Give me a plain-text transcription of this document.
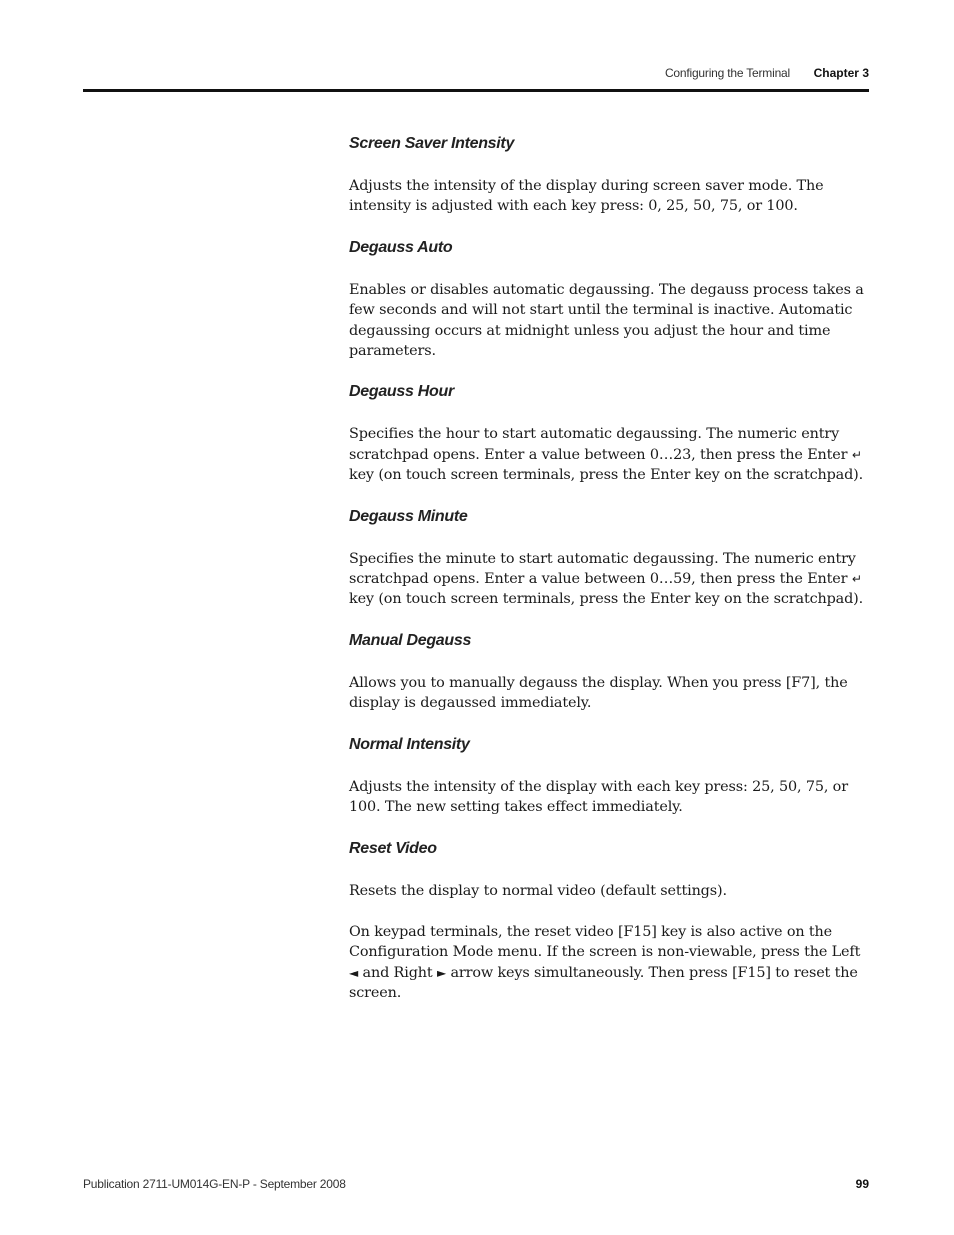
Configuring the Terminal Chapter 3
Screen Saver Intensity

Adjusts the intensity of the display during screen saver mode. The intensity is adjusted with each key press: 0, 25, 50, 75, or 100.

Degauss Auto

Enables or disables automatic degaussing. The degauss process takes a few seconds and will not start until the terminal is inactive. Automatic degaussing occurs at midnight unless you adjust the hour and time parameters.

Degauss Hour

Specifies the hour to start automatic degaussing. The numeric entry scratchpad opens. Enter a value between 0…23, then press the Enter ↵ key (on touch screen terminals, press the Enter key on the scratchpad).

Degauss Minute

Specifies the minute to start automatic degaussing. The numeric entry scratchpad opens. Enter a value between 0…59, then press the Enter ↵ key (on touch screen terminals, press the Enter key on the scratchpad).

Manual Degauss

Allows you to manually degauss the display. When you press [F7], the display is degaussed immediately.

Normal Intensity

Adjusts the intensity of the display with each key press: 25, 50, 75, or 100. The new setting takes effect immediately.

Reset Video

Resets the display to normal video (default settings).

On keypad terminals, the reset video [F15] key is also active on the Configuration Mode menu. If the screen is non-viewable, press the Left ◄ and Right ► arrow keys simultaneously. Then press [F15] to reset the screen.

Publication 2711-UM014G-EN-P - September 2008	99
